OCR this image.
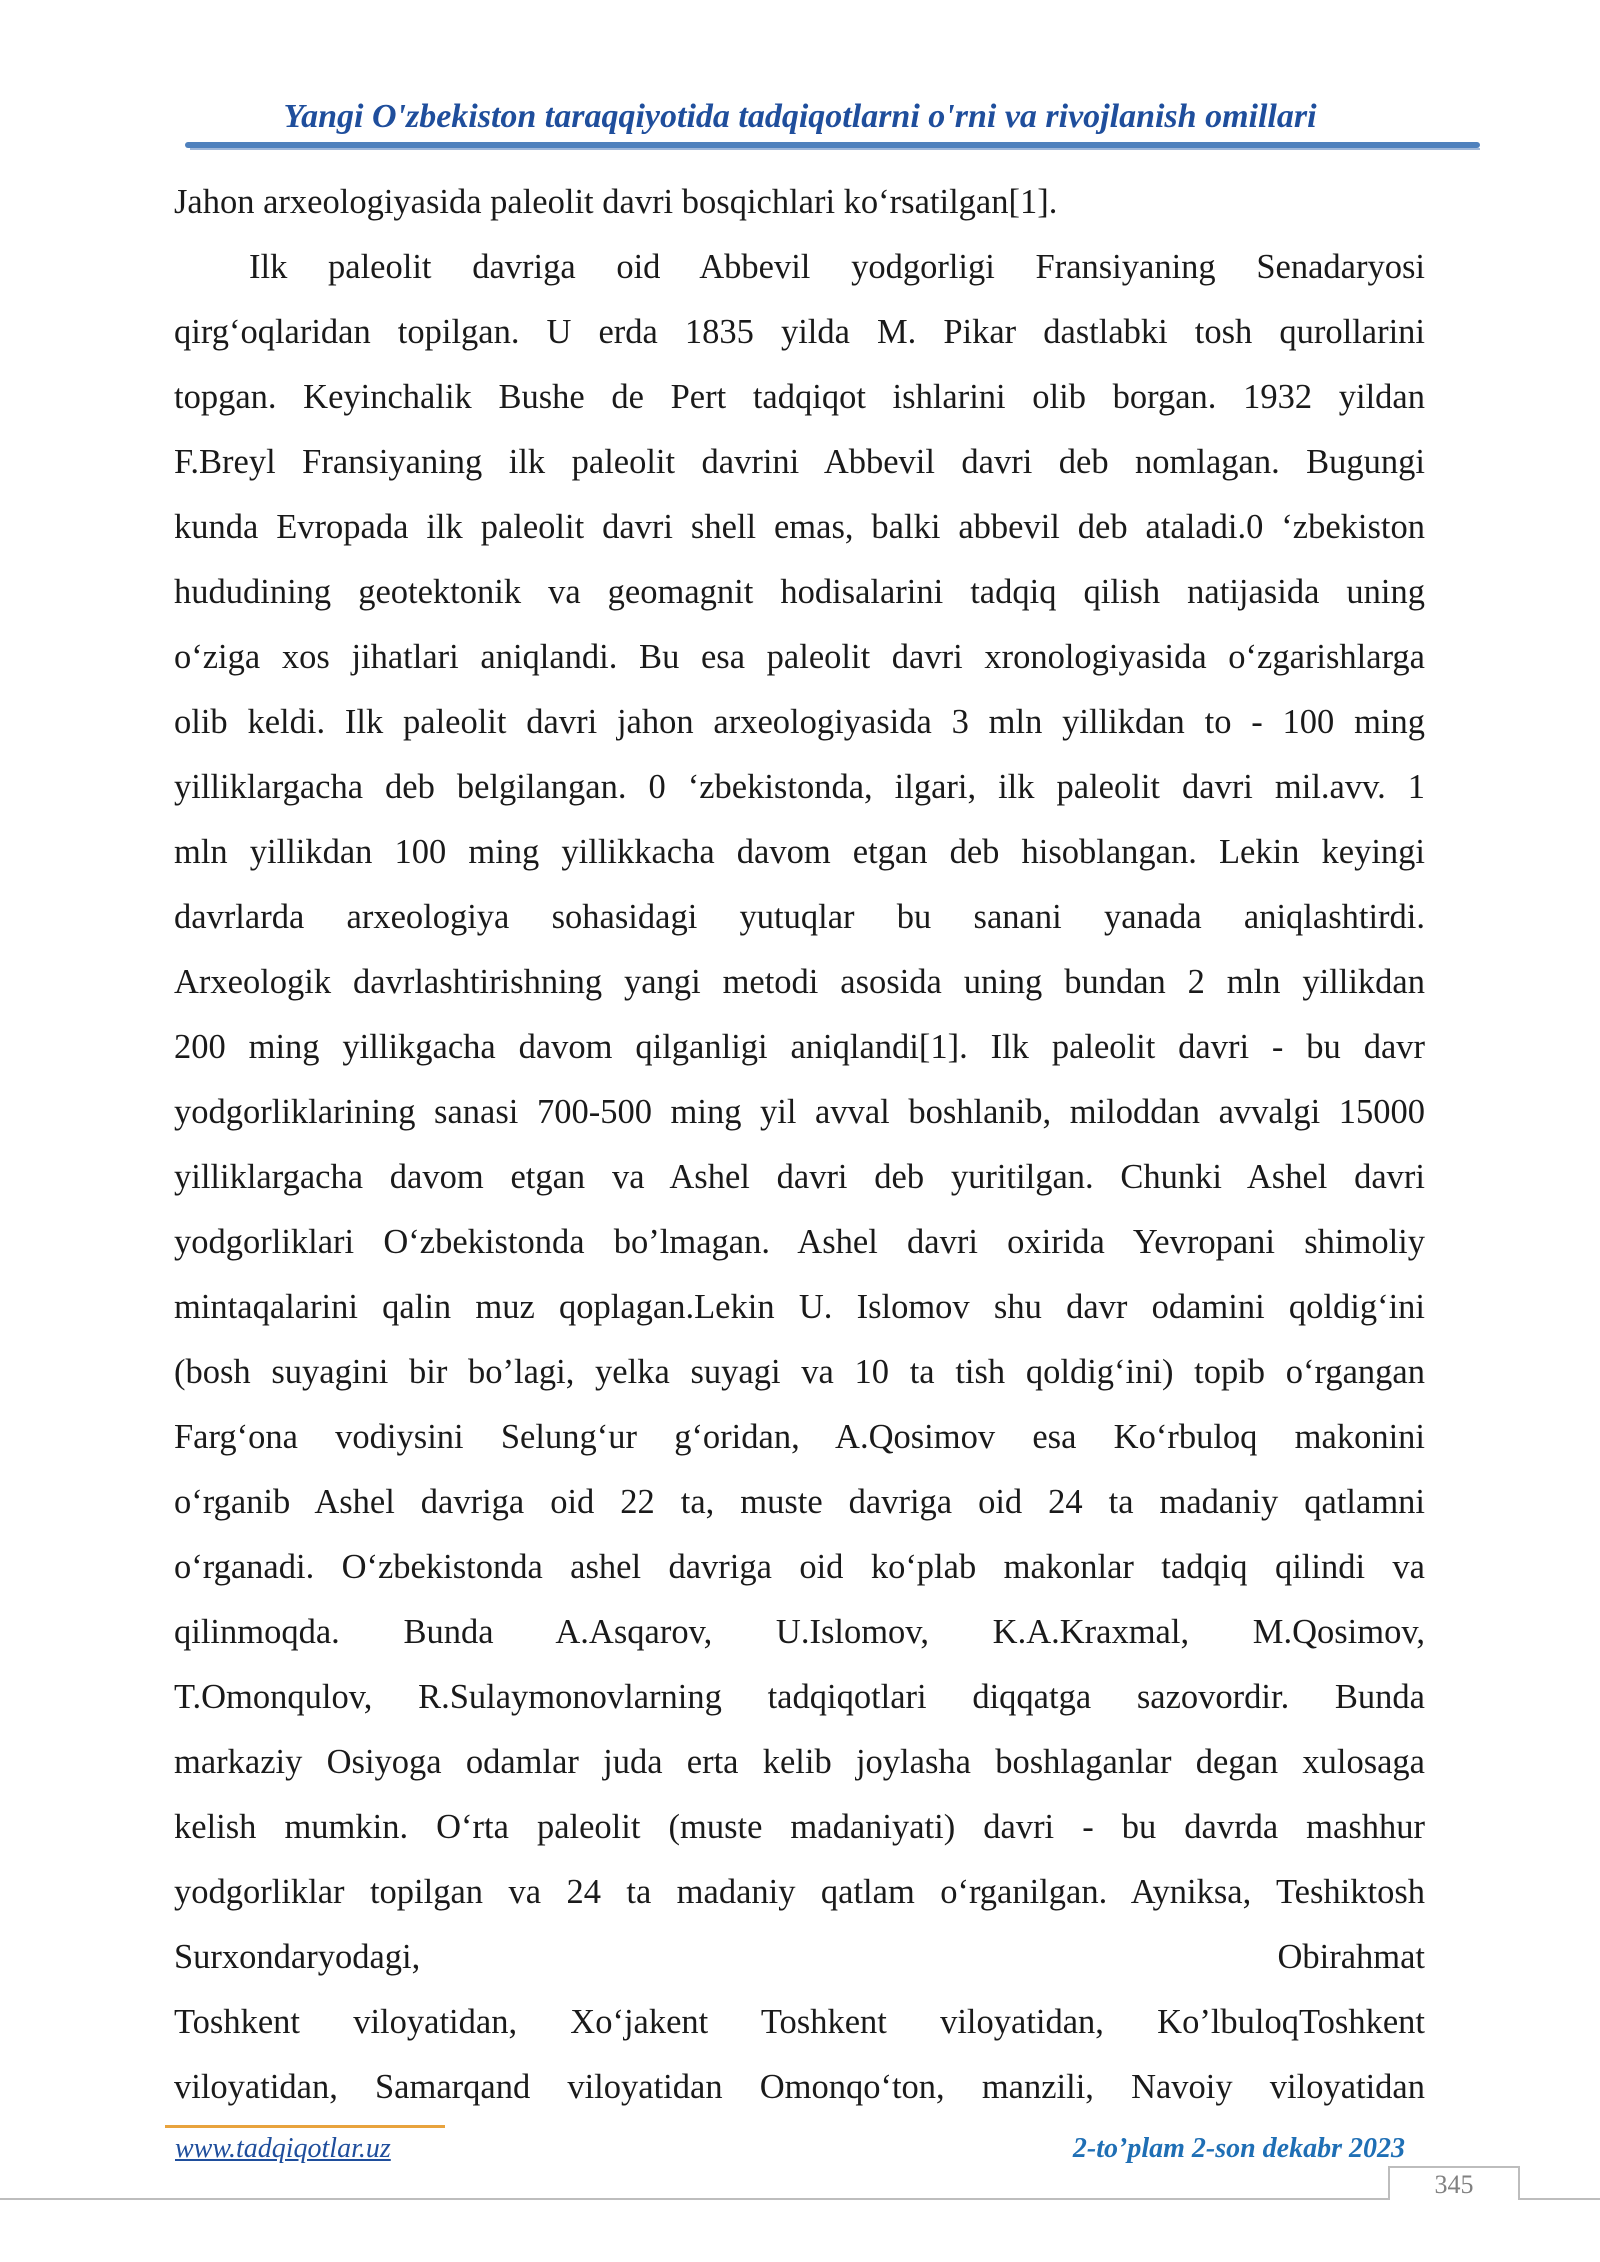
Yangi O'zbekiston taraqqiyotida tadqiqotlarni o'rni va rivojlanish omillari
Jahon arxeologiyasida paleolit davri bosqichlari ko‘rsatilgan[1].
Ilk paleolit davriga oid Abbevil yodgorligi Fransiyaning Senadaryosi
qirg‘oqlaridan topilgan. U erda 1835 yilda M. Pikar dastlabki tosh qurollarini
topgan. Keyinchalik Bushe de Pert tadqiqot ishlarini olib borgan. 1932 yildan
F.Breyl Fransiyaning ilk paleolit davrini Abbevil davri deb nomlagan. Bugungi
kunda Evropada ilk paleolit davri shell emas, balki abbevil deb ataladi.0 ‘zbekiston
hududining geotektonik va geomagnit hodisalarini tadqiq qilish natijasida uning
o‘ziga xos jihatlari aniqlandi. Bu esa paleolit davri xronologiyasida o‘zgarishlarga
olib keldi. Ilk paleolit davri jahon arxeologiyasida 3 mln yillikdan to - 100 ming
yilliklargacha deb belgilangan. 0 ‘zbekistonda, ilgari, ilk paleolit davri mil.avv. 1
mln yillikdan 100 ming yillikkacha davom etgan deb hisoblangan. Lekin keyingi
davrlarda arxeologiya sohasidagi yutuqlar bu sanani yanada aniqlashtirdi.
Arxeologik davrlashtirishning yangi metodi asosida uning bundan 2 mln yillikdan
200 ming yillikgacha davom qilganligi aniqlandi[1]. Ilk paleolit davri - bu davr
yodgorliklarining sanasi 700-500 ming yil avval boshlanib, miloddan avvalgi 15000
yilliklargacha davom etgan va Ashel davri deb yuritilgan. Chunki Ashel davri
yodgorliklari O‘zbekistonda bo’lmagan. Ashel davri oxirida Yevropani shimoliy
mintaqalarini qalin muz qoplagan.Lekin U. Islomov shu davr odamini qoldig‘ini
(bosh suyagini bir bo’lagi, yelka suyagi va 10 ta tish qoldig‘ini) topib o‘rgangan
Farg‘ona vodiysini Selung‘ur g‘oridan, A.Qosimov esa Ko‘rbuloq makonini
o‘rganib Ashel davriga oid 22 ta, muste davriga oid 24 ta madaniy qatlamni
o‘rganadi. O‘zbekistonda ashel davriga oid ko‘plab makonlar tadqiq qilindi va
qilinmoqda. Bunda A.Asqarov, U.Islomov, K.A.Kraxmal, M.Qosimov,
T.Omonqulov, R.Sulaymonovlarning tadqiqotlari diqqatga sazovordir. Bunda
markaziy Osiyoga odamlar juda erta kelib joylasha boshlaganlar degan xulosaga
kelish mumkin. O‘rta paleolit (muste madaniyati) davri - bu davrda mashhur
yodgorliklar topilgan va 24 ta madaniy qatlam o‘rganilgan. Ayniksa, Teshiktosh
Surxondaryodagi,	Obirahmat
Toshkent viloyatidan, Xo‘jakent Toshkent viloyatidan, Ko’lbuloqToshkent
viloyatidan, Samarqand viloyatidan Omonqo‘ton, manzili, Navoiy viloyatidan
www.tadqiqotlar.uz	2-to’plam 2-son dekabr 2023
345
